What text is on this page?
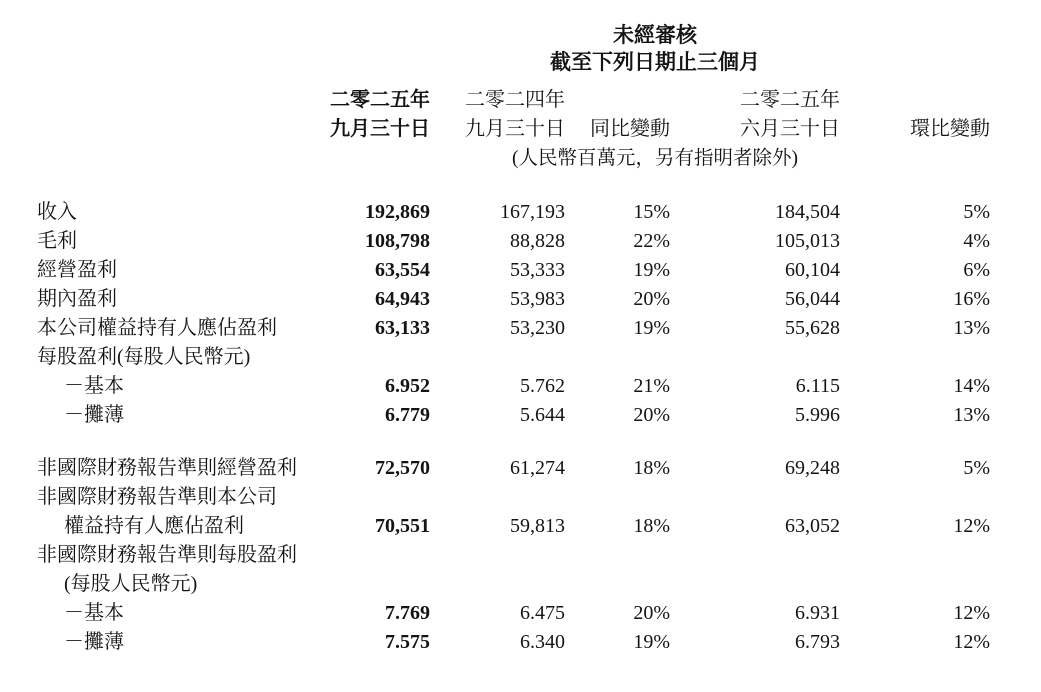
	未經審核				
	截至下列日期止三個月				
	二零二五年	二零二四年		二零二五年	
	九月三十日	九月三十日	同比變動	六月三十日	環比變動
	(人民幣百萬元，另有指明者除外)				
收入	192,869	167,193	15%	184,504	5%
毛利	108,798	88,828	22%	105,013	4%
經營盈利	63,554	53,333	19%	60,104	6%
期內盈利	64,943	53,983	20%	56,044	16%
本公司權益持有人應佔盈利	63,133	53,230	19%	55,628	13%
每股盈利(每股人民幣元)					
－基本	6.952	5.762	21%	6.115	14%
－攤薄	6.779	5.644	20%	5.996	13%

非國際財務報告準則經營盈利	72,570	61,274	18%	69,248	5%
非國際財務報告準則本公司					
權益持有人應佔盈利	70,551	59,813	18%	63,052	12%
非國際財務報告準則每股盈利					
(每股人民幣元)					
－基本	7.769	6.475	20%	6.931	12%
－攤薄	7.575	6.340	19%	6.793	12%
